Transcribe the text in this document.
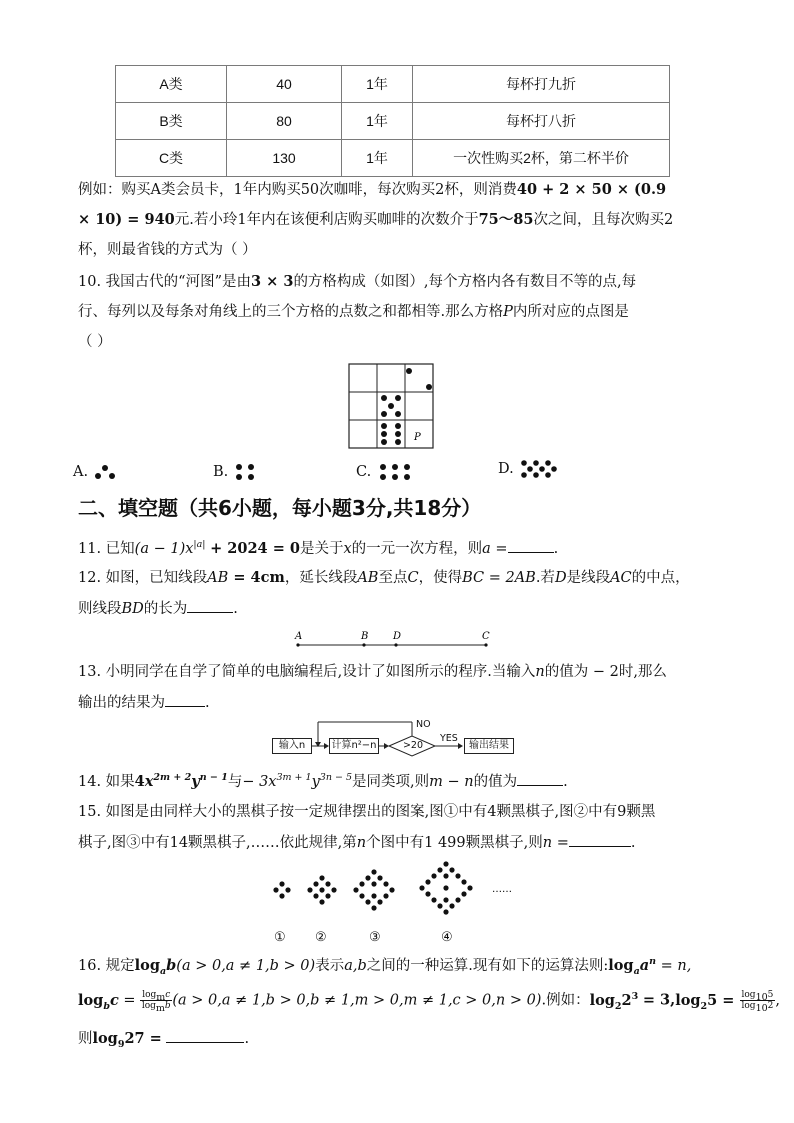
A类	40	1年	每杯打九折
B类	80	1年	每杯打八折
C类	130	1年	一次性购买2杯，第二杯半价
例如：购买A类会员卡，1年内购买50次咖啡，每次购买2杯，则消费40 + 2 × 50 × (0.9
× 10) = 940元.若小玲1年内在该便利店购买咖啡的次数介于75～85次之间，且每次购买2
杯，则最省钱的方式为（ ）
10. 我国古代的“河图”是由3 × 3的方格构成（如图）,每个方格内各有数目不等的点,每
行、每列以及每条对角线上的三个方格的点数之和都相等.那么方格P内所对应的点图是
（ ）
P
A.	B.	C.	D.
二、填空题（共6小题，每小题3分,共18分）
11. 已知$(a - 1)x^{|a|} + 2024 = 0$是关于x的一元一次方程，则a =	.
12. 如图，已知线段AB = 4cm，延长线段AB至点C，使得BC = 2AB.若D是线段AC的中点，
则线段BD的长为	.
A	B D	C
13. 小明同学在自学了简单的电脑编程后,设计了如图所示的程序.当输入n的值为 − 2时,那么
输出的结果为	.
输入n	计算n²−n	>20
NO
YES
输出结果
14. 如果$4x^{2m + 2}y^{n - 1}$与− $3x^{3m + 1}y^{3n - 5}$是同类项,则m − n的值为	.
15. 如图是由同样大小的黑棋子按一定规律摆出的图案,图①中有4颗黑棋子,图②中有9颗黑
棋子,图③中有14颗黑棋子,……依此规律,第n个图中有1 499颗黑棋子,则n =	.
……
① ②	③	④
16. 规定$\log_ab(a > 0,a \ne 1,b > 0)$表示a,b之间的一种运算.现有如下的运算法则$:\log_aa^n = n$,
$\log_bc = \frac{\log_mc}{\log_mb} (a > 0,a \ne 1,b > 0,b \ne 1,m > 0,m \ne 1,c > 0,n > 0)$.例如：$\log_22^3 = 3,\log_25 = \frac{\log_{10}5}{\log_{10}2}$ ,
则$\log_927$ =	.
